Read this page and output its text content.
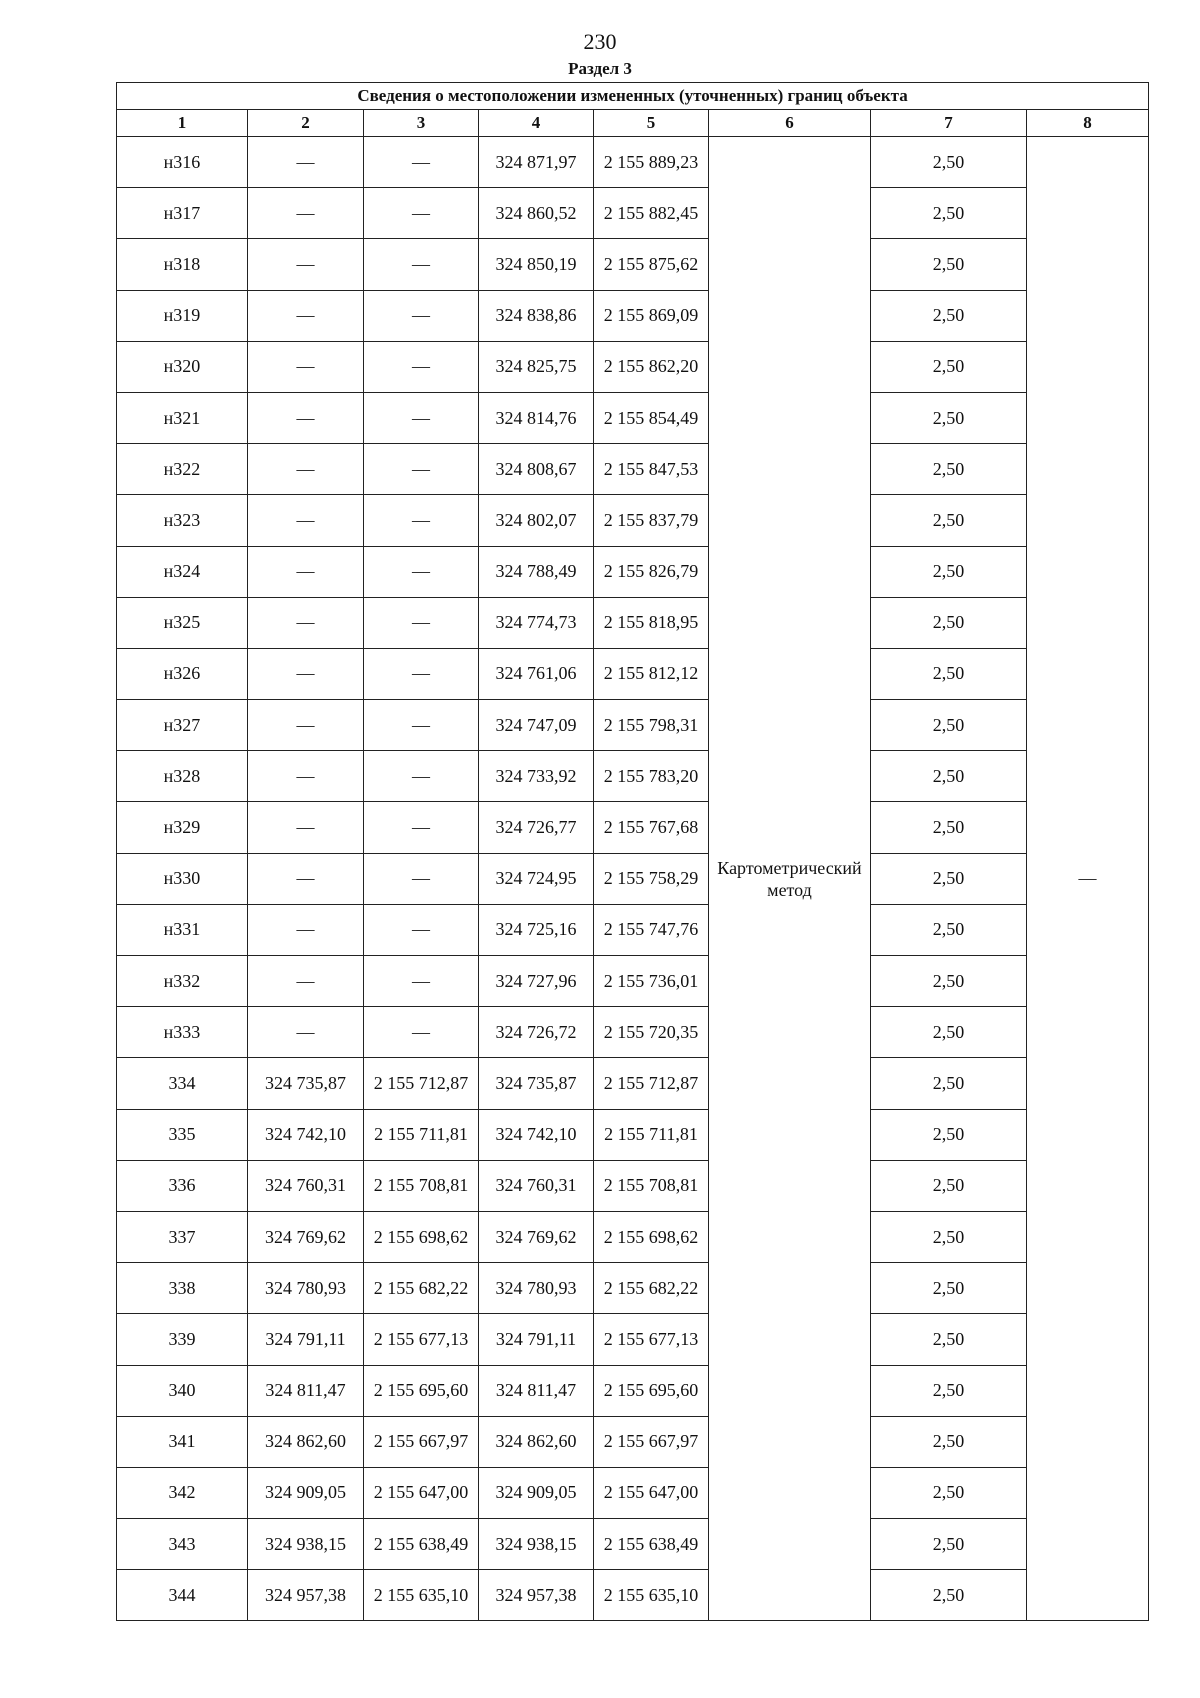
230
Раздел 3
Сведения о местоположении измененных (уточненных) границ объекта							
1	2	3	4	5	6	7	8
н316	—	—	324 871,97	2 155 889,23	Картометрический метод	2,50	—
н317	—	—	324 860,52	2 155 882,45		2,50	
н318	—	—	324 850,19	2 155 875,62		2,50	
н319	—	—	324 838,86	2 155 869,09		2,50	
н320	—	—	324 825,75	2 155 862,20		2,50	
н321	—	—	324 814,76	2 155 854,49		2,50	
н322	—	—	324 808,67	2 155 847,53		2,50	
н323	—	—	324 802,07	2 155 837,79		2,50	
н324	—	—	324 788,49	2 155 826,79		2,50	
н325	—	—	324 774,73	2 155 818,95		2,50	
н326	—	—	324 761,06	2 155 812,12		2,50	
н327	—	—	324 747,09	2 155 798,31		2,50	
н328	—	—	324 733,92	2 155 783,20		2,50	
н329	—	—	324 726,77	2 155 767,68		2,50	
н330	—	—	324 724,95	2 155 758,29		2,50	
н331	—	—	324 725,16	2 155 747,76		2,50	
н332	—	—	324 727,96	2 155 736,01		2,50	
н333	—	—	324 726,72	2 155 720,35		2,50	
334	324 735,87	2 155 712,87	324 735,87	2 155 712,87		2,50	
335	324 742,10	2 155 711,81	324 742,10	2 155 711,81		2,50	
336	324 760,31	2 155 708,81	324 760,31	2 155 708,81		2,50	
337	324 769,62	2 155 698,62	324 769,62	2 155 698,62		2,50	
338	324 780,93	2 155 682,22	324 780,93	2 155 682,22		2,50	
339	324 791,11	2 155 677,13	324 791,11	2 155 677,13		2,50	
340	324 811,47	2 155 695,60	324 811,47	2 155 695,60		2,50	
341	324 862,60	2 155 667,97	324 862,60	2 155 667,97		2,50	
342	324 909,05	2 155 647,00	324 909,05	2 155 647,00		2,50	
343	324 938,15	2 155 638,49	324 938,15	2 155 638,49		2,50	
344	324 957,38	2 155 635,10	324 957,38	2 155 635,10		2,50	
